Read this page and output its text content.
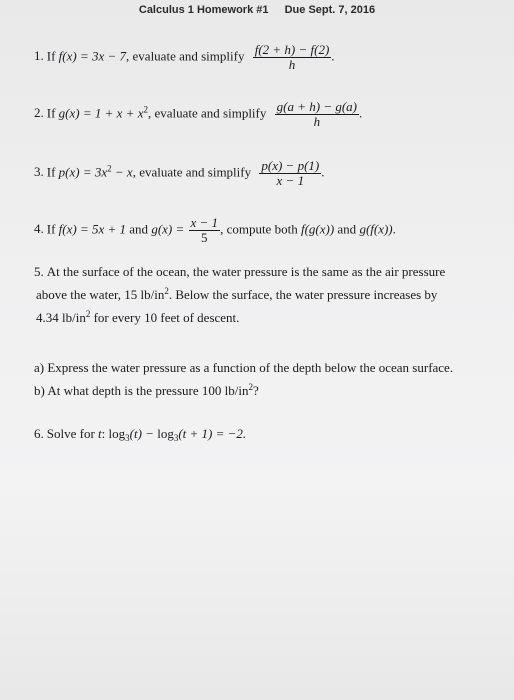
Calculus 1 Homework #1 Due Sept. 7, 2016
1. If f(x) = 3x − 7, evaluate and simplify $\frac{f(2 + h) - f(2)}{h}$ .
2. If $g(x) = 1 + x + x^2$, evaluate and simplify $\frac{g(a + h) - g(a)}{h}$ .
3. If $p(x) = 3x^2 - x$, evaluate and simplify $\frac{p(x) - p(1)}{x - 1}$ .
4. If f(x) = 5x + 1 and $g(x) = \frac{x - 1}{5}$ , compute both f(g(x)) and g(f(x)).
5. At the surface of the ocean, the water pressure is the same as the air pressure
above the water, 15 $lb/in^2$. Below the surface, the water pressure increases by
4.34 $lb/in^2$ for every 10 feet of descent.
a) Express the water pressure as a function of the depth below the ocean surface.
b) At what depth is the pressure 100 $lb/in^2$?
6. Solve for t: $\log_3(t) - \log_3(t + 1) = -2$.
